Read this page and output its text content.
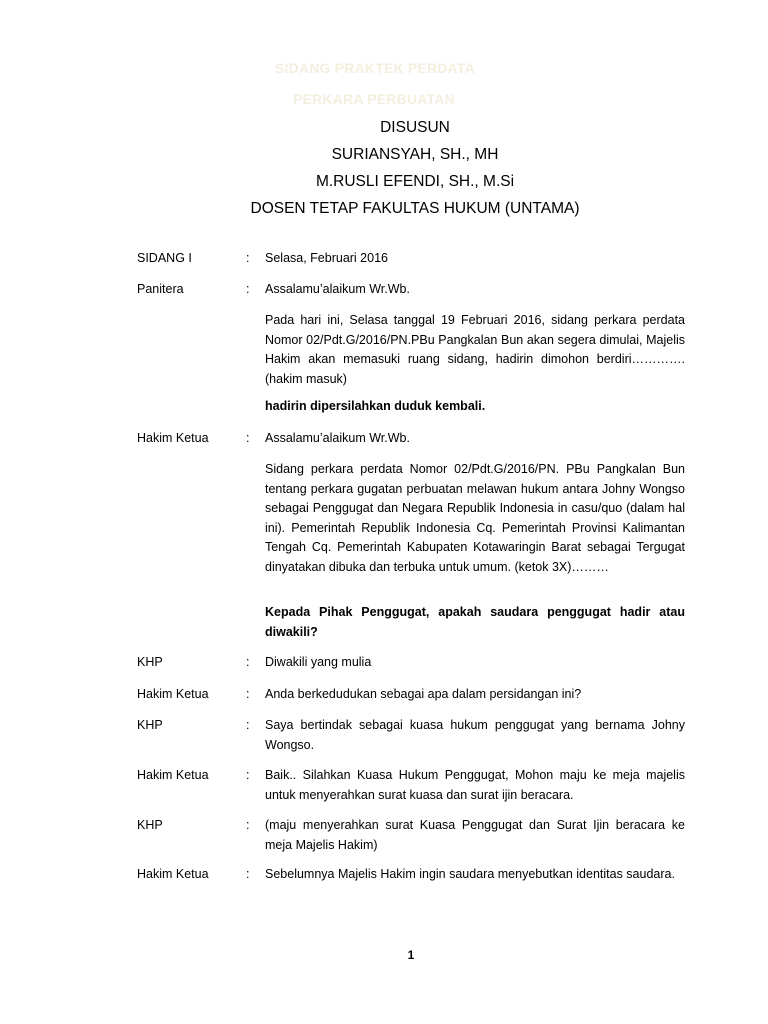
SIDANG PRAKTEK PERDATA
PERKARA PERBUATAN
DISUSUN
SURIANSYAH, SH., MH
M.RUSLI EFENDI, SH., M.Si
DOSEN TETAP FAKULTAS HUKUM (UNTAMA)
SIDANG I	:	Selasa, Februari 2016
Panitera	:	Assalamu’alaikum Wr.Wb.
Pada hari ini, Selasa tanggal 19 Februari 2016, sidang perkara perdata Nomor 02/Pdt.G/2016/PN.PBu Pangkalan Bun akan segera dimulai, Majelis Hakim akan memasuki ruang sidang, hadirin dimohon berdiri…………. (hakim masuk)
hadirin dipersilahkan duduk kembali.
Hakim Ketua	:	Assalamu’alaikum Wr.Wb.
Sidang perkara perdata Nomor 02/Pdt.G/2016/PN. PBu Pangkalan Bun tentang perkara gugatan perbuatan melawan hukum antara Johny Wongso sebagai Penggugat dan Negara Republik Indonesia in casu/quo (dalam hal ini). Pemerintah Republik Indonesia Cq. Pemerintah Provinsi Kalimantan Tengah Cq. Pemerintah Kabupaten Kotawaringin Barat sebagai Tergugat dinyatakan dibuka dan terbuka untuk umum. (ketok 3X)………
Kepada Pihak Penggugat, apakah saudara penggugat hadir atau diwakili?
KHP	:	Diwakili yang mulia
Hakim Ketua	:	Anda berkedudukan sebagai apa dalam persidangan ini?
KHP	:	Saya bertindak sebagai kuasa hukum penggugat yang bernama Johny Wongso.
Hakim Ketua	:	Baik.. Silahkan Kuasa Hukum Penggugat, Mohon maju ke meja majelis untuk menyerahkan surat kuasa dan surat ijin beracara.
KHP	:	(maju menyerahkan surat Kuasa Penggugat dan Surat Ijin beracara ke meja Majelis Hakim)
Hakim Ketua	:	Sebelumnya Majelis Hakim ingin saudara menyebutkan identitas saudara.
1
